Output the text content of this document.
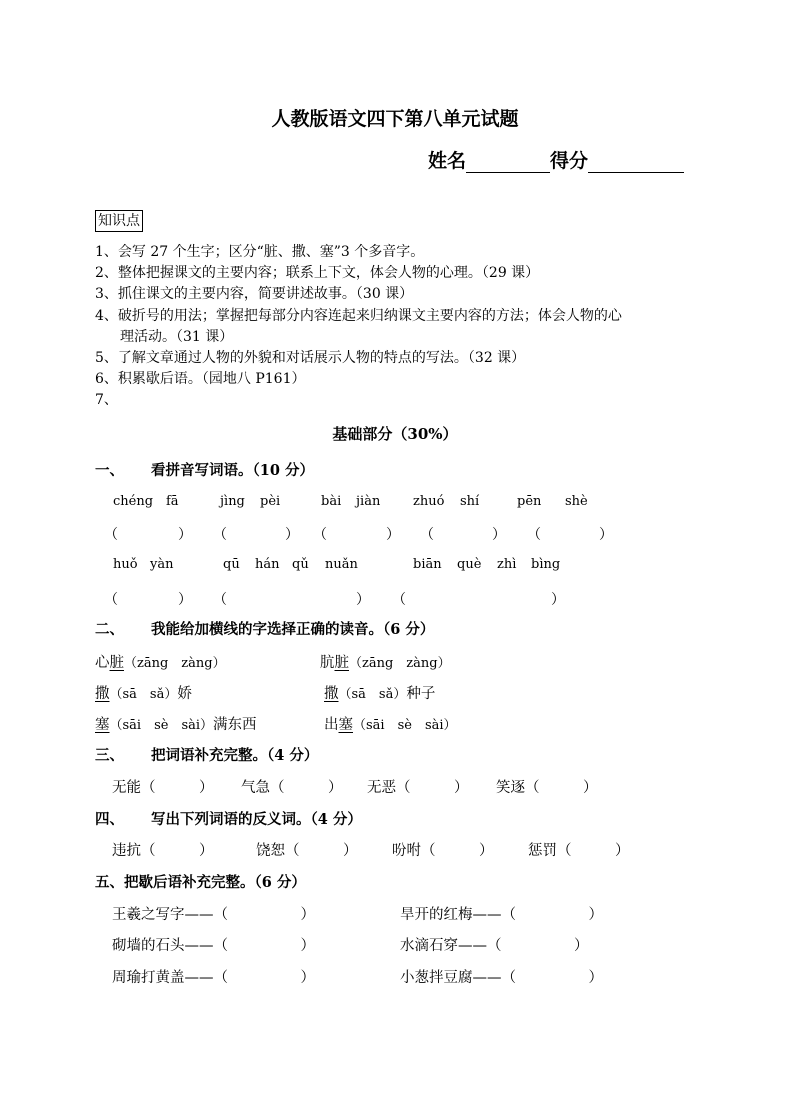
人教版语文四下第八单元试题
姓名	得分
知识点
1、会写 27 个生字；区分“脏、撒、塞”3 个多音字。
2、整体把握课文的主要内容；联系上下文，体会人物的心理。（29 课）
3、抓住课文的主要内容，简要讲述故事。（30 课）
4、破折号的用法；掌握把每部分内容连起来归纳课文主要内容的方法；体会人物的心
理活动。（31 课）
5、了解文章通过人物的外貌和对话展示人物的特点的写法。（32 课）
6、积累歇后语。（园地八 P161）
7、
基础部分（30%）
一、 看拼音写词语。（10 分）
chéng fā	jìng pèi	bài jiàn	zhuó shí	pēn shè
（	） （	） （	） （	） （	）
huǒ yàn	qū hán qǔ nuǎn	biān què zhì bìng
（	） （	） （	）
二、 我能给加横线的字选择正确的读音。（6 分）
心脏（zāng　zàng）	肮脏（zāng　zàng）
撒（sā　sǎ）娇	撒（sā　sǎ）种子
塞（sāi　sè　sài）满东西	出塞（sāi　sè　sài）
三、 把词语补充完整。（4 分）
无能（　　　） 气急（　　　） 无恶（　　　） 笑逐（　　　）
四、 写出下列词语的反义词。（4 分）
违抗（　　　）	饶恕（　　　） 吩咐（　　　） 惩罚（　　　）
五、把歇后语补充完整。（6 分）
王羲之写字——（　　　　　）	旱开的红梅——（　　　　　）
砌墙的石头——（　　　　　）	水滴石穿——（　　　　　）
周瑜打黄盖——（　　　　　）	小葱拌豆腐——（　　　　　）
